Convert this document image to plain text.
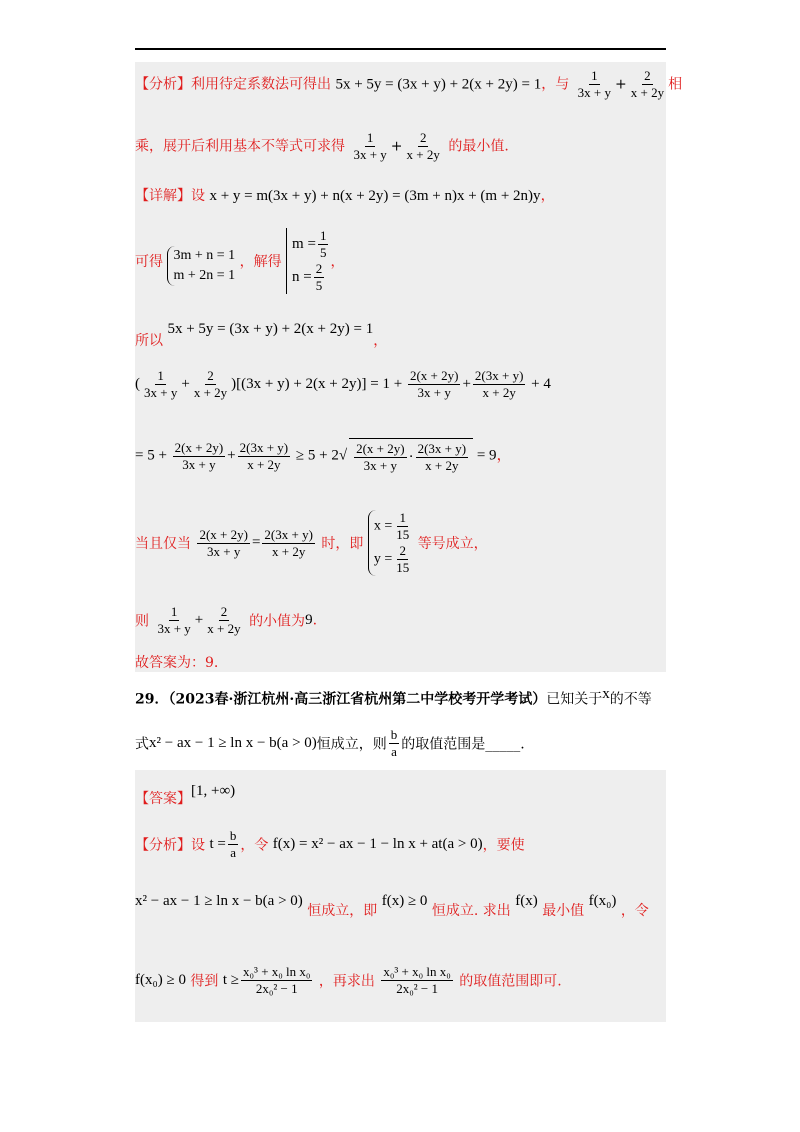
【分析】利用待定系数法可得出 5x + 5y = (3x + y) + 2(x + 2y) = 1，与 $\frac{1}{3x + y} + \frac{2}{x + 2y}$ 相
乘，展开后利用基本不等式可求得 $\frac{1}{3x + y} + \frac{2}{x + 2y}$ 的最小值.
【详解】设 x + y = m(3x + y) + n(x + 2y) = (3m + n)x + (m + 2n)y，
可得 3m + n = 1
m + 2n = 1
，解得
$m = \frac{1}{5}$
$n = \frac{2}{5}$ ，
所以 5x + 5y = (3x + y) + 2(x + 2y) = 1，
( $\frac{1}{3x + y} + \frac{2}{x + 2y} )[(3x + y) + 2(x + 2y)] = 1 + \frac{2(x + 2y)}{3x + y} + \frac{2(3x + y)}{x + 2y} + 4$
= $5 + \frac{2(x + 2y)}{3x + y} + \frac{2(3x + y)}{x + 2y} \ge 5 + 2√ \frac{2(x + 2y)}{3x + y} \cdot \frac{2(3x + y)}{x + 2y} = 9$，
当且仅当 $\frac{2(x + 2y)}{3x + y} = \frac{2(3x + y)}{x + 2y}$ 时，即
$x = \frac{1}{15}$
$y = \frac{2}{15}$ 等号成立，
则 $\frac{1}{3x + y} + \frac{2}{x + 2y}$ 的小值为9.
故答案为：9.
29．（2023春·浙江杭州·高三浙江省杭州第二中学校考开学考试）已知关于$^x$的不等
式x² − ax − 1 ≥ ln x − b(a > 0)恒成立，则 $\frac{b}{a}$ 的取值范围是_____.
【答案】[1, +∞)
【分析】设 $t = \frac{b}{a}$ ，令 f(x) = x² − ax − 1 − ln x + at(a > 0)，要使
x² − ax − 1 ≥ ln x − b(a > 0) 恒成立，即 f(x) ≥ 0 恒成立. 求出 f(x) 最小值 f(x₀) ，令
f(x₀) ≥ 0 得到 $t \ge \frac{\text{x₀³ + x₀ ln x₀}}{\text{2x₀² − 1}}$ ，再求出 $\frac{\text{x₀³ + x₀ ln x₀}}{\text{2x₀² − 1}}$ 的取值范围即可.
